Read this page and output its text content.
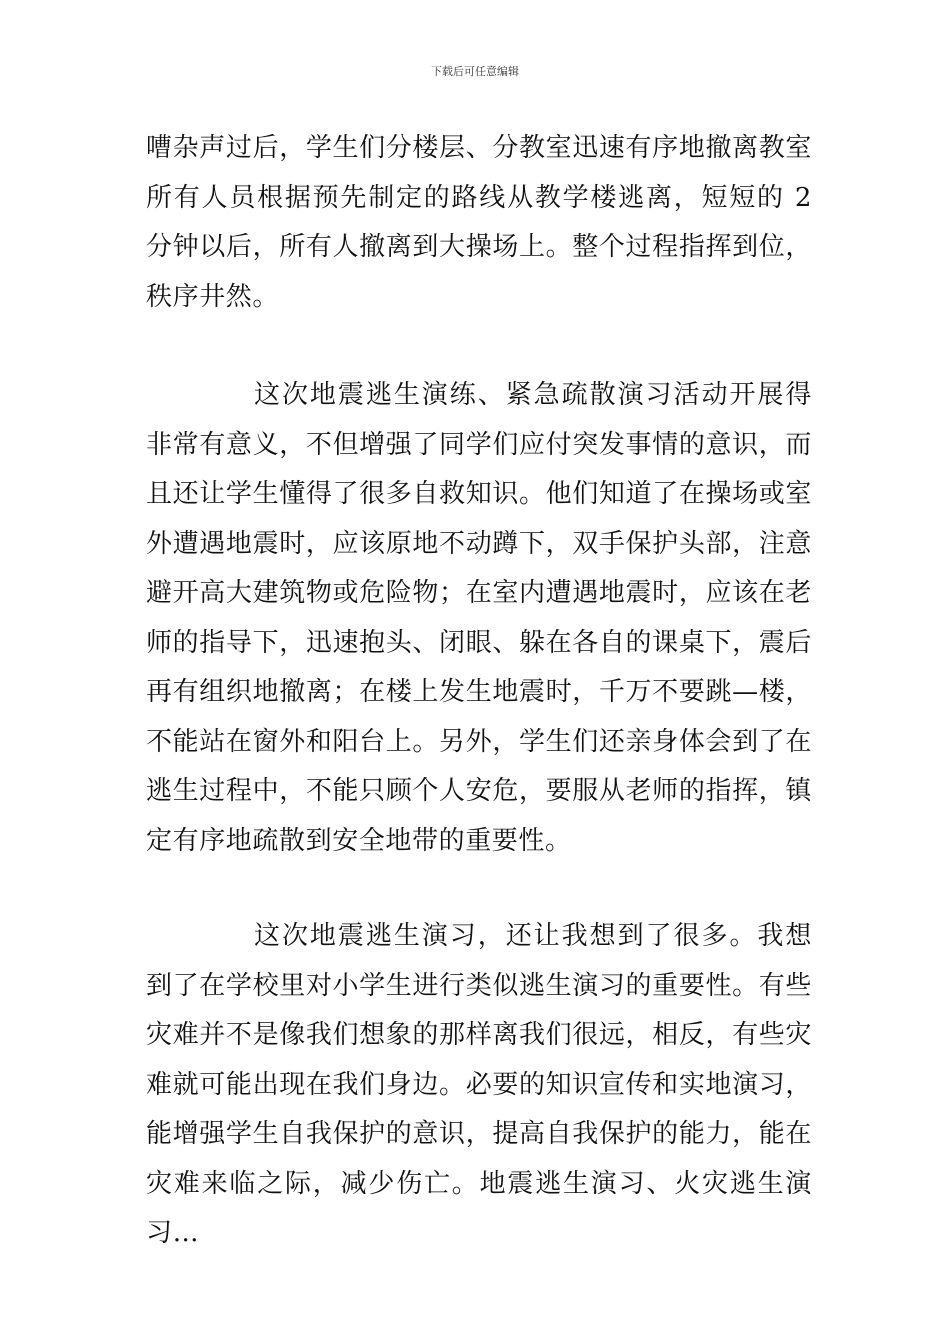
下载后可任意编辑

嘈杂声过后，学生们分楼层、分教室迅速有序地撤离教室所有人员根据预先制定的路线从教学楼逃离，短短的 2 分钟以后，所有人撤离到大操场上。整个过程指挥到位，秩序井然。

这次地震逃生演练、紧急疏散演习活动开展得非常有意义，不但增强了同学们应付突发事情的意识，而且还让学生懂得了很多自救知识。他们知道了在操场或室外遭遇地震时，应该原地不动蹲下，双手保护头部，注意避开高大建筑物或危险物；在室内遭遇地震时，应该在老师的指导下，迅速抱头、闭眼、躲在各自的课桌下，震后再有组织地撤离；在楼上发生地震时，千万不要跳—楼，不能站在窗外和阳台上。另外，学生们还亲身体会到了在逃生过程中，不能只顾个人安危，要服从老师的指挥，镇定有序地疏散到安全地带的重要性。

这次地震逃生演习，还让我想到了很多。我想到了在学校里对小学生进行类似逃生演习的重要性。有些灾难并不是像我们想象的那样离我们很远，相反，有些灾难就可能出现在我们身边。必要的知识宣传和实地演习，能增强学生自我保护的意识，提高自我保护的能力，能在灾难来临之际，减少伤亡。地震逃生演习、火灾逃生演习…
